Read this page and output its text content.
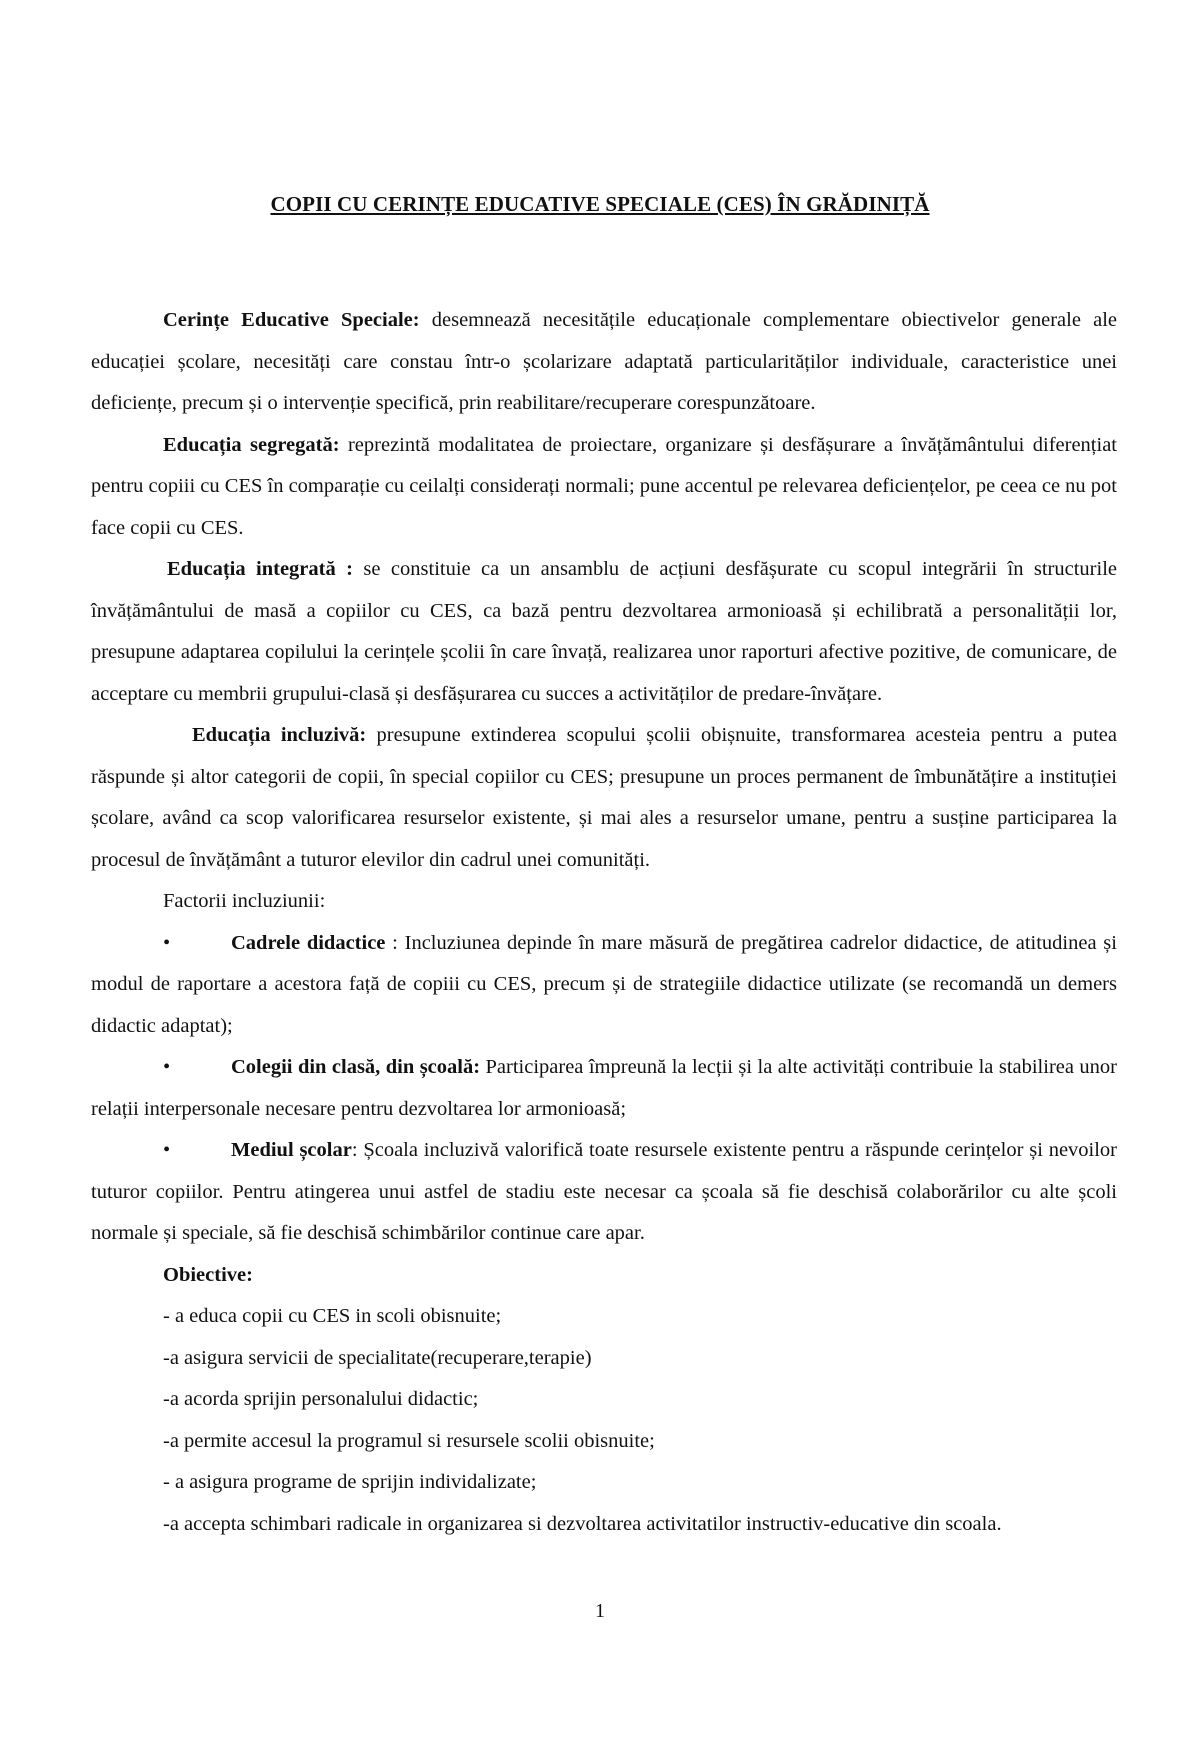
COPII CU CERINȚE EDUCATIVE SPECIALE (CES) ÎN GRĂDINIȚĂ

Cerințe Educative Speciale: desemnează necesitățile educaționale complementare obiectivelor generale ale educației școlare, necesități care constau într-o școlarizare adaptată particularităților individuale, caracteristice unei deficiențe, precum și o intervenție specifică, prin reabilitare/recuperare corespunzătoare.

Educația segregată: reprezintă modalitatea de proiectare, organizare și desfășurare a învățământului diferențiat pentru copiii cu CES în comparație cu ceilalți considerați normali; pune accentul pe relevarea deficiențelor, pe ceea ce nu pot face copii cu CES.

Educația integrată : se constituie ca un ansamblu de acțiuni desfășurate cu scopul integrării în structurile învățământului de masă a copiilor cu CES, ca bază pentru dezvoltarea armonioasă și echilibrată a personalității lor, presupune adaptarea copilului la cerințele școlii în care învață, realizarea unor raporturi afective pozitive, de comunicare, de acceptare cu membrii grupului-clasă și desfășurarea cu succes a activităților de predare-învățare.

Educația incluzivă: presupune extinderea scopului școlii obișnuite, transformarea acesteia pentru a putea răspunde și altor categorii de copii, în special copiilor cu CES; presupune un proces permanent de îmbunătățire a instituției școlare, având ca scop valorificarea resurselor existente, și mai ales a resurselor umane, pentru a susține participarea la procesul de învățământ a tuturor elevilor din cadrul unei comunități.

Factorii incluziunii:

•	Cadrele didactice : Incluziunea depinde în mare măsură de pregătirea cadrelor didactice, de atitudinea și modul de raportare a acestora față de copiii cu CES, precum și de strategiile didactice utilizate (se recomandă un demers didactic adaptat);

•	Colegii din clasă, din școală: Participarea împreună la lecții și la alte activități contribuie la stabilirea unor relații interpersonale necesare pentru dezvoltarea lor armonioasă;

•	Mediul școlar: Școala incluzivă valorifică toate resursele existente pentru a răspunde cerințelor și nevoilor tuturor copiilor. Pentru atingerea unui astfel de stadiu este necesar ca școala să fie deschisă colaborărilor cu alte școli normale și speciale, să fie deschisă schimbărilor continue care apar.

Obiective:

- a educa copii cu CES in scoli obisnuite;

-a asigura servicii de specialitate(recuperare,terapie)

-a acorda sprijin personalului didactic;

-a permite accesul la programul si resursele scolii obisnuite;

- a asigura programe de sprijin individalizate;

-a accepta schimbari radicale in organizarea si dezvoltarea activitatilor instructiv-educative din scoala.

1
